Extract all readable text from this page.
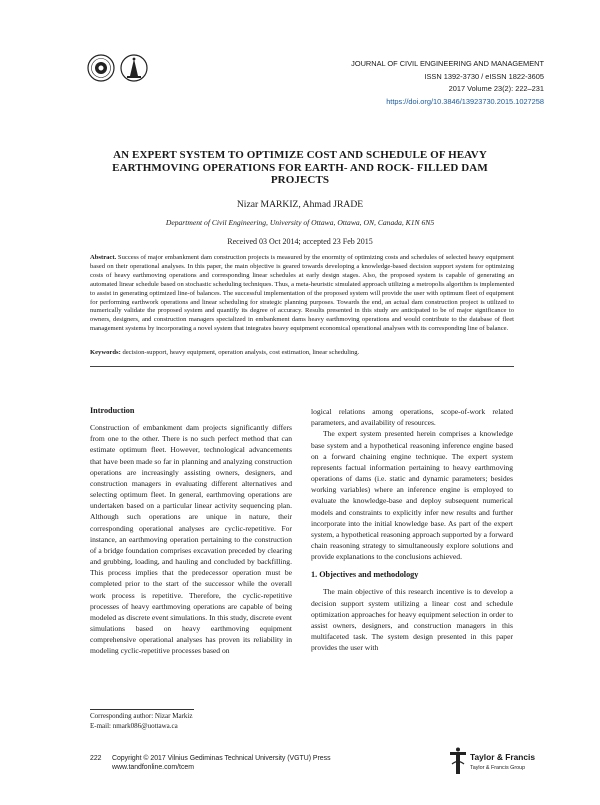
JOURNAL OF CIVIL ENGINEERING AND MANAGEMENT
ISSN 1392-3730 / eISSN 1822-3605
2017 Volume 23(2): 222–231
https://doi.org/10.3846/13923730.2015.1027258
AN EXPERT SYSTEM TO OPTIMIZE COST AND SCHEDULE OF HEAVY EARTHMOVING OPERATIONS FOR EARTH- AND ROCK- FILLED DAM PROJECTS
Nizar MARKIZ, Ahmad JRADE
Department of Civil Engineering, University of Ottawa, Ottawa, ON, Canada, K1N 6N5
Received 03 Oct 2014; accepted 23 Feb 2015
Abstract. Success of major embankment dam construction projects is measured by the enormity of optimizing costs and schedules of selected heavy equipment based on their operational analyses. In this paper, the main objective is geared towards developing a knowledge-based decision support system for optimizing costs of heavy earthmoving operations and corresponding linear schedules at early design stages. Also, the proposed system is capable of generating an automated linear schedule based on stochastic scheduling techniques. Thus, a meta-heuristic simulated approach utilizing a metropolis algorithm is implemented to assist in generating optimized line-of balances. The successful implementation of the proposed system will provide the user with optimum fleet of equipment for performing earthwork operations and linear scheduling for strategic planning purposes. Towards the end, an actual dam construction project is utilized to numerically validate the proposed system and quantify its degree of accuracy. Results presented in this study are anticipated to be of major significance to owners, designers, and construction managers specialized in embankment dams heavy earthmoving operations and would contribute to the database of fleet management systems by incorporating a novel system that integrates heavy equipment economical operational analyses with its corresponding line of balance.
Keywords: decision-support, heavy equipment, operation analysis, cost estimation, linear scheduling.
Introduction

Construction of embankment dam projects significantly differs from one to the other. There is no such perfect method that can estimate optimum fleet. However, technological advancements that have been made so far in planning and analyzing construction operations are increasingly assisting owners, designers, and construction managers in evaluating different alternatives and selecting optimum fleet. In general, earthmoving operations are undertaken based on a particular linear activity sequencing plan. Although such operations are unique in nature, their corresponding operational analyses are cyclic-repetitive. For instance, an earthmoving operation pertaining to the construction of a bridge foundation comprises excavation preceded by clearing and grubbing, loading, and hauling and concluded by backfilling. This process implies that the predecessor operation must be completed prior to the start of the successor while the overall work process is repetitive. Therefore, the cyclic-repetitive processes of heavy earthmoving operations are capable of being modeled as discrete event simulations. In this study, discrete event simulations based on heavy earthmoving equipment comprehensive operational analyses has proven its reliability in modeling cyclic-repetitive processes based on

logical relations among operations, scope-of-work related parameters, and availability of resources.

The expert system presented herein comprises a knowledge base system and a hypothetical reasoning inference engine based on a forward chaining engine technique. The expert system represents factual information pertaining to heavy earthmoving operations of dams (i.e. static and dynamic parameters; besides working variables) where an inference engine is employed to evaluate the knowledge-base and deploy subsequent numerical models and constraints to explicitly infer new results and further incorporate into the initial knowledge base. As part of the expert system, a hypothetical reasoning approach supported by a forward chain reasoning strategy to simultaneously explore solutions and provide explanations to the conclusions achieved.

1. Objectives and methodology

The main objective of this research incentive is to develop a decision support system utilizing a linear cost and schedule optimization approaches for heavy equipment selection in order to assist owners, designers, and construction managers in this multifaceted task. The system design presented in this paper provides the user with

Corresponding author: Nizar Markiz
E-mail: nmark086@uottawa.ca
222 Copyright © 2017 Vilnius Gediminas Technical University (VGTU) Press
www.tandfonline.com/tcem
Taylor & Francis
Taylor & Francis Group
